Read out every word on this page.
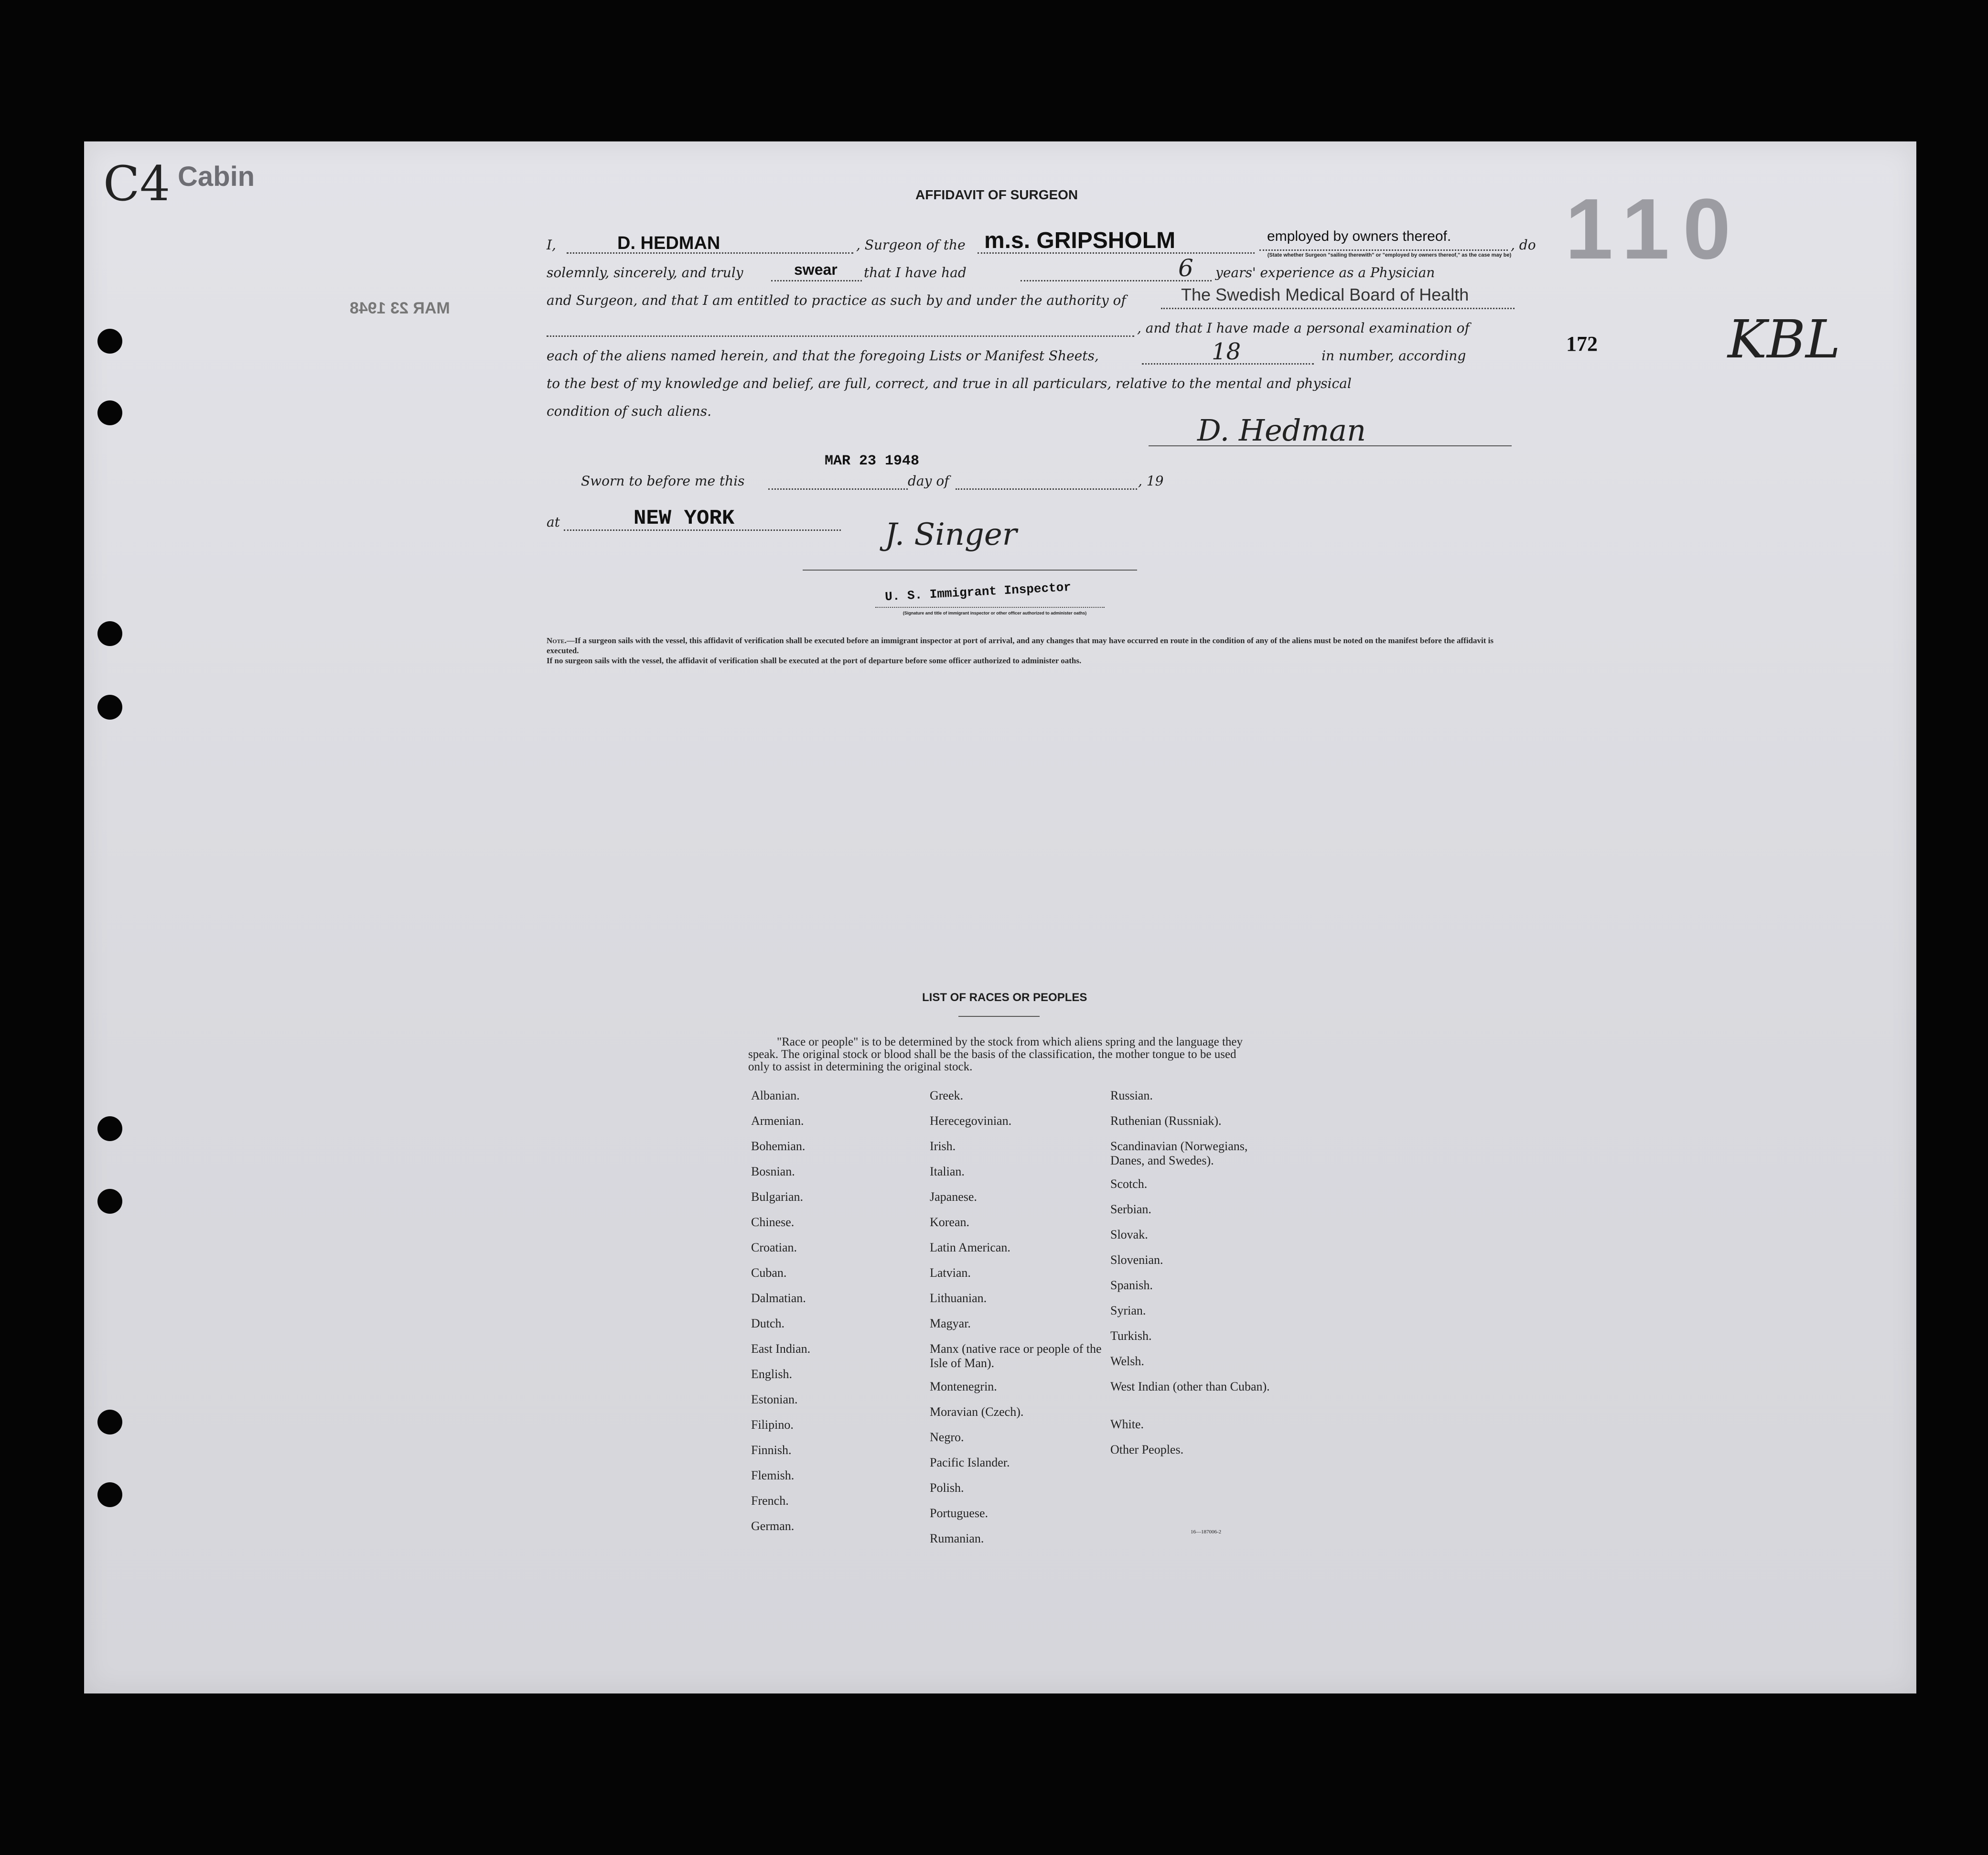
C4 Cabin
110
172 KBL
MAR 23 1948
AFFIDAVIT OF SURGEON
I,	D. HEDMAN	, Surgeon of the m.s. GRIPSHOLM	employed by owners thereof.
(State whether Surgeon "sailing therewith" or "employed by owners thereof," as the case may be)
, do
solemnly, sincerely, and truly	swear that I have had	6 years' experience as a Physician
and Surgeon, and that I am entitled to practice as such by and under the authority of	The Swedish Medical Board of Health
, and that I have made a personal examination of
each of the aliens named herein, and that the foregoing Lists or Manifest Sheets,	18	in number, according
to the best of my knowledge and belief, are full, correct, and true in all particulars, relative to the mental and physical
condition of such aliens.
D. Hedman
MAR 23 1948
Sworn to before me this	day of	, 19
at	NEW YORK	J. Singer
U. S. Immigrant Inspector
(Signature and title of immigrant inspector or other officer authorized to administer oaths)
Note.—If a surgeon sails with the vessel, this affidavit of verification shall be executed before an immigrant inspector at port of arrival, and any changes that may have occurred en route in the condition of any of the aliens must be noted on the manifest before the affidavit is executed.
If no surgeon sails with the vessel, the affidavit of verification shall be executed at the port of departure before some officer authorized to administer oaths.
LIST OF RACES OR PEOPLES
"Race or people" is to be determined by the stock from which aliens spring and the language they speak. The original stock or blood shall be the basis of the classification, the mother tongue to be used only to assist in determining the original stock.
Albanian.
Armenian.
Bohemian.
Bosnian.
Bulgarian.
Chinese.
Croatian.
Cuban.
Dalmatian.
Dutch.
East Indian.
English.
Estonian.
Filipino.
Finnish.
Flemish.
French.
German.
Greek.
Herecegovinian.
Irish.
Italian.
Japanese.
Korean.
Latin American.
Latvian.
Lithuanian.
Magyar.
Manx (native race or people of the Isle of Man).
Montenegrin.
Moravian (Czech).
Negro.
Pacific Islander.
Polish.
Portuguese.
Rumanian.
Russian.
Ruthenian (Russniak).
Scandinavian (Norwegians, Danes, and Swedes).
Scotch.
Serbian.
Slovak.
Slovenian.
Spanish.
Syrian.
Turkish.
Welsh.
West Indian (other than Cuban).
White.
Other Peoples.
16—187006-2
